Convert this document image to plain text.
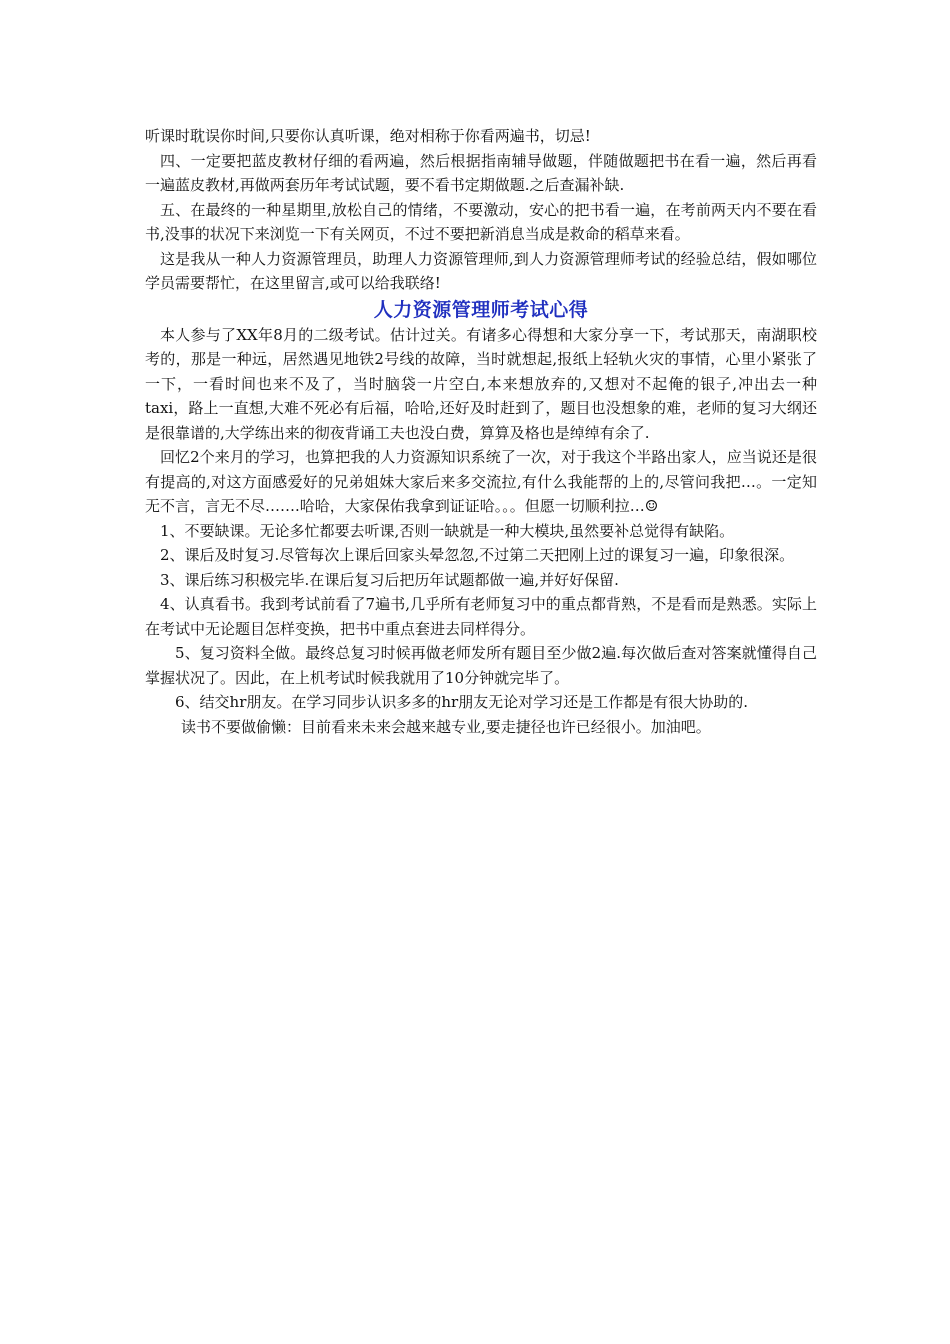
听课时耽误你时间,只要你认真听课，绝对相称于你看两遍书，切忌!

四、一定要把蓝皮教材仔细的看两遍，然后根据指南辅导做题，伴随做题把书在看一遍，然后再看一遍蓝皮教材,再做两套历年考试试题，要不看书定期做题.之后查漏补缺.

五、在最终的一种星期里,放松自己的情绪，不要激动，安心的把书看一遍，在考前两天内不要在看书,没事的状况下来浏览一下有关网页，不过不要把新消息当成是救命的稻草来看。

这是我从一种人力资源管理员，助理人力资源管理师,到人力资源管理师考试的经验总结，假如哪位学员需要帮忙，在这里留言,或可以给我联络!

人力资源管理师考试心得

本人参与了XX年8月的二级考试。估计过关。有诸多心得想和大家分享一下，考试那天，南湖职校考的，那是一种远，居然遇见地铁2号线的故障，当时就想起,报纸上轻轨火灾的事情，心里小紧张了一下，一看时间也来不及了，当时脑袋一片空白,本来想放弃的,又想对不起俺的银子,冲出去一种taxi，路上一直想,大难不死必有后福，哈哈,还好及时赶到了，题目也没想象的难，老师的复习大纲还是很靠谱的,大学练出来的彻夜背诵工夫也没白费，算算及格也是绰绰有余了.

回忆2个来月的学习，也算把我的人力资源知识系统了一次，对于我这个半路出家人，应当说还是很有提高的,对这方面感爱好的兄弟姐妹大家后来多交流拉,有什么我能帮的上的,尽管问我把…。一定知无不言，言无不尽…….哈哈，大家保佑我拿到证证哈。。。但愿一切顺利拉…☺

1、不要缺课。无论多忙都要去听课,否则一缺就是一种大模块,虽然要补总觉得有缺陷。

2、课后及时复习.尽管每次上课后回家头晕忽忽,不过第二天把刚上过的课复习一遍，印象很深。

3、课后练习积极完毕.在课后复习后把历年试题都做一遍,并好好保留.

4、认真看书。我到考试前看了7遍书,几乎所有老师复习中的重点都背熟，不是看而是熟悉。实际上在考试中无论题目怎样变换，把书中重点套进去同样得分。

5、复习资料全做。最终总复习时候再做老师发所有题目至少做2遍.每次做后查对答案就懂得自己掌握状况了。因此，在上机考试时候我就用了10分钟就完毕了。

6、结交hr朋友。在学习同步认识多多的hr朋友无论对学习还是工作都是有很大协助的.

读书不要做偷懒：目前看来未来会越来越专业,要走捷径也许已经很小。加油吧。
